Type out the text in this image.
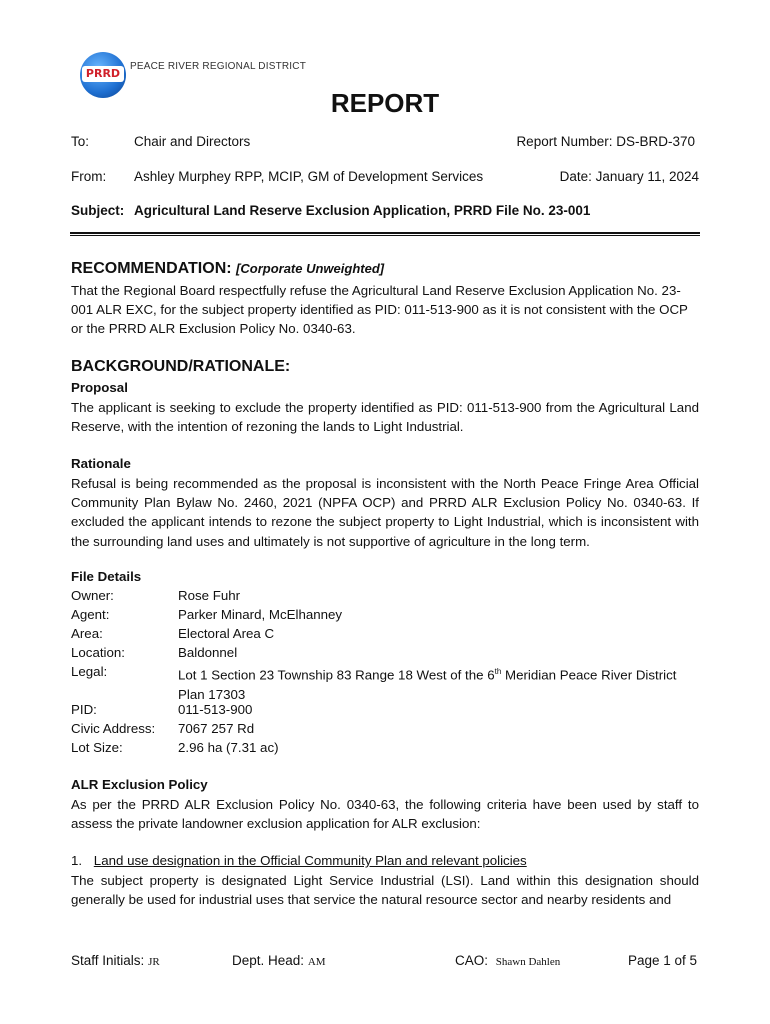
PRRD
PEACE RIVER REGIONAL DISTRICT
REPORT
To:	Chair and Directors	Report Number: DS-BRD-370
From: Ashley Murphey RPP, MCIP, GM of Development Services	Date: January 11, 2024
Subject: Agricultural Land Reserve Exclusion Application, PRRD File No. 23-001
RECOMMENDATION: [Corporate Unweighted]
That the Regional Board respectfully refuse the Agricultural Land Reserve Exclusion Application No. 23-001 ALR EXC, for the subject property identified as PID: 011-513-900 as it is not consistent with the OCP or the PRRD ALR Exclusion Policy No. 0340-63.
BACKGROUND/RATIONALE:
Proposal
The applicant is seeking to exclude the property identified as PID: 011-513-900 from the Agricultural Land Reserve, with the intention of rezoning the lands to Light Industrial.
Rationale
Refusal is being recommended as the proposal is inconsistent with the North Peace Fringe Area Official Community Plan Bylaw No. 2460, 2021 (NPFA OCP) and PRRD ALR Exclusion Policy No. 0340-63. If excluded the applicant intends to rezone the subject property to Light Industrial, which is inconsistent with the surrounding land uses and ultimately is not supportive of agriculture in the long term.
File Details
Owner:	Rose Fuhr
Agent:	Parker Minard, McElhanney
Area:	Electoral Area C
Location:	Baldonnel
Legal:	Lot 1 Section 23 Township 83 Range 18 West of the 6th Meridian Peace River District Plan 17303
PID:	011-513-900
Civic Address: 7067 257 Rd
Lot Size:	2.96 ha (7.31 ac)
ALR Exclusion Policy
As per the PRRD ALR Exclusion Policy No. 0340-63, the following criteria have been used by staff to assess the private landowner exclusion application for ALR exclusion:
1. Land use designation in the Official Community Plan and relevant policies
The subject property is designated Light Service Industrial (LSI). Land within this designation should generally be used for industrial uses that service the natural resource sector and nearby residents and
Staff Initials: JR	Dept. Head: AM	CAO: Shawn Dahlen	Page 1 of 5
